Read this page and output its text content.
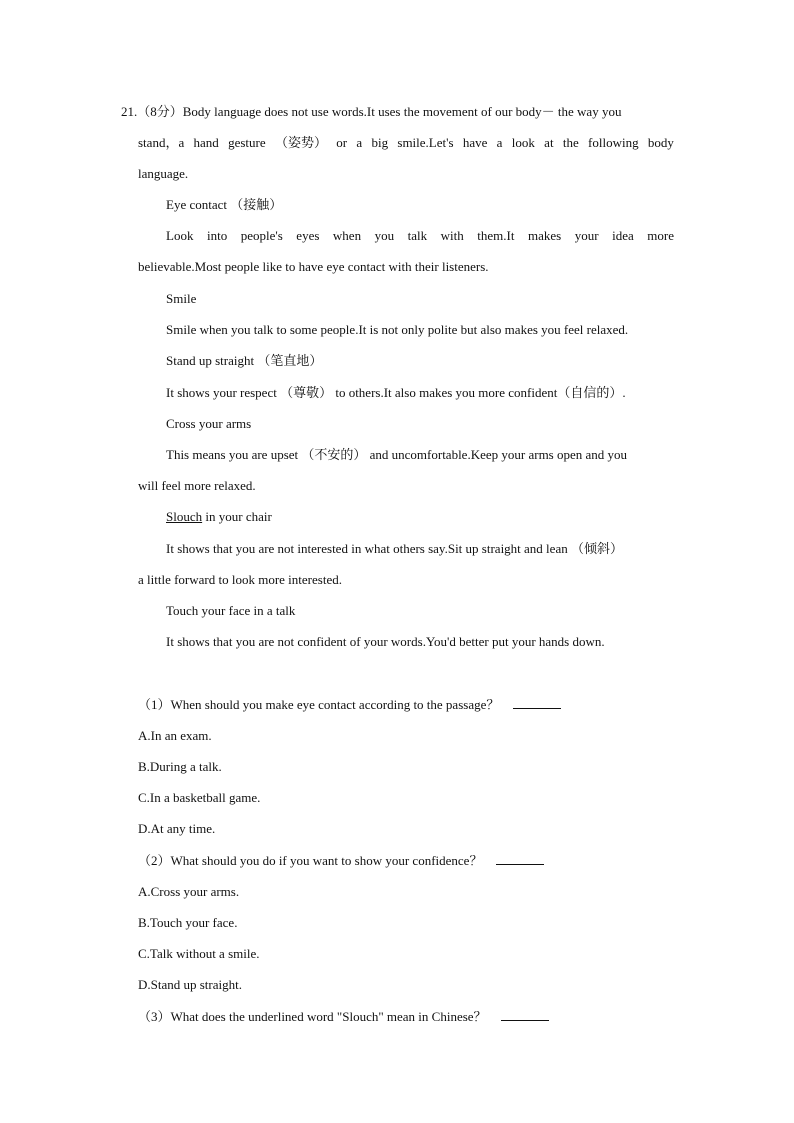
21.（8分）Body language does not use words.It uses the movement of our body－ the way you
stand，a hand gesture （姿势） or a big smile.Let's have a look at the following body
language.
Eye contact （接触）
Look into people's eyes when you talk with them.It makes your idea more
believable.Most people like to have eye contact with their listeners.
Smile
Smile when you talk to some people.It is not only polite but also makes you feel relaxed.
Stand up straight （笔直地）
It shows your respect （尊敬） to others.It also makes you more confident（自信的）.
Cross your arms
This means you are upset （不安的） and uncomfortable.Keep your arms open and you
will feel more relaxed.
Slouch in your chair
It shows that you are not interested in what others say.Sit up straight and lean （倾斜）
a little forward to look more interested.
Touch your face in a talk
It shows that you are not confident of your words.You'd better put your hands down.
（1）When should you make eye contact according to the passage？
A.In an exam.
B.During a talk.
C.In a basketball game.
D.At any time.
（2）What should you do if you want to show your confidence？
A.Cross your arms.
B.Touch your face.
C.Talk without a smile.
D.Stand up straight.
（3）What does the underlined word "Slouch" mean in Chinese？
